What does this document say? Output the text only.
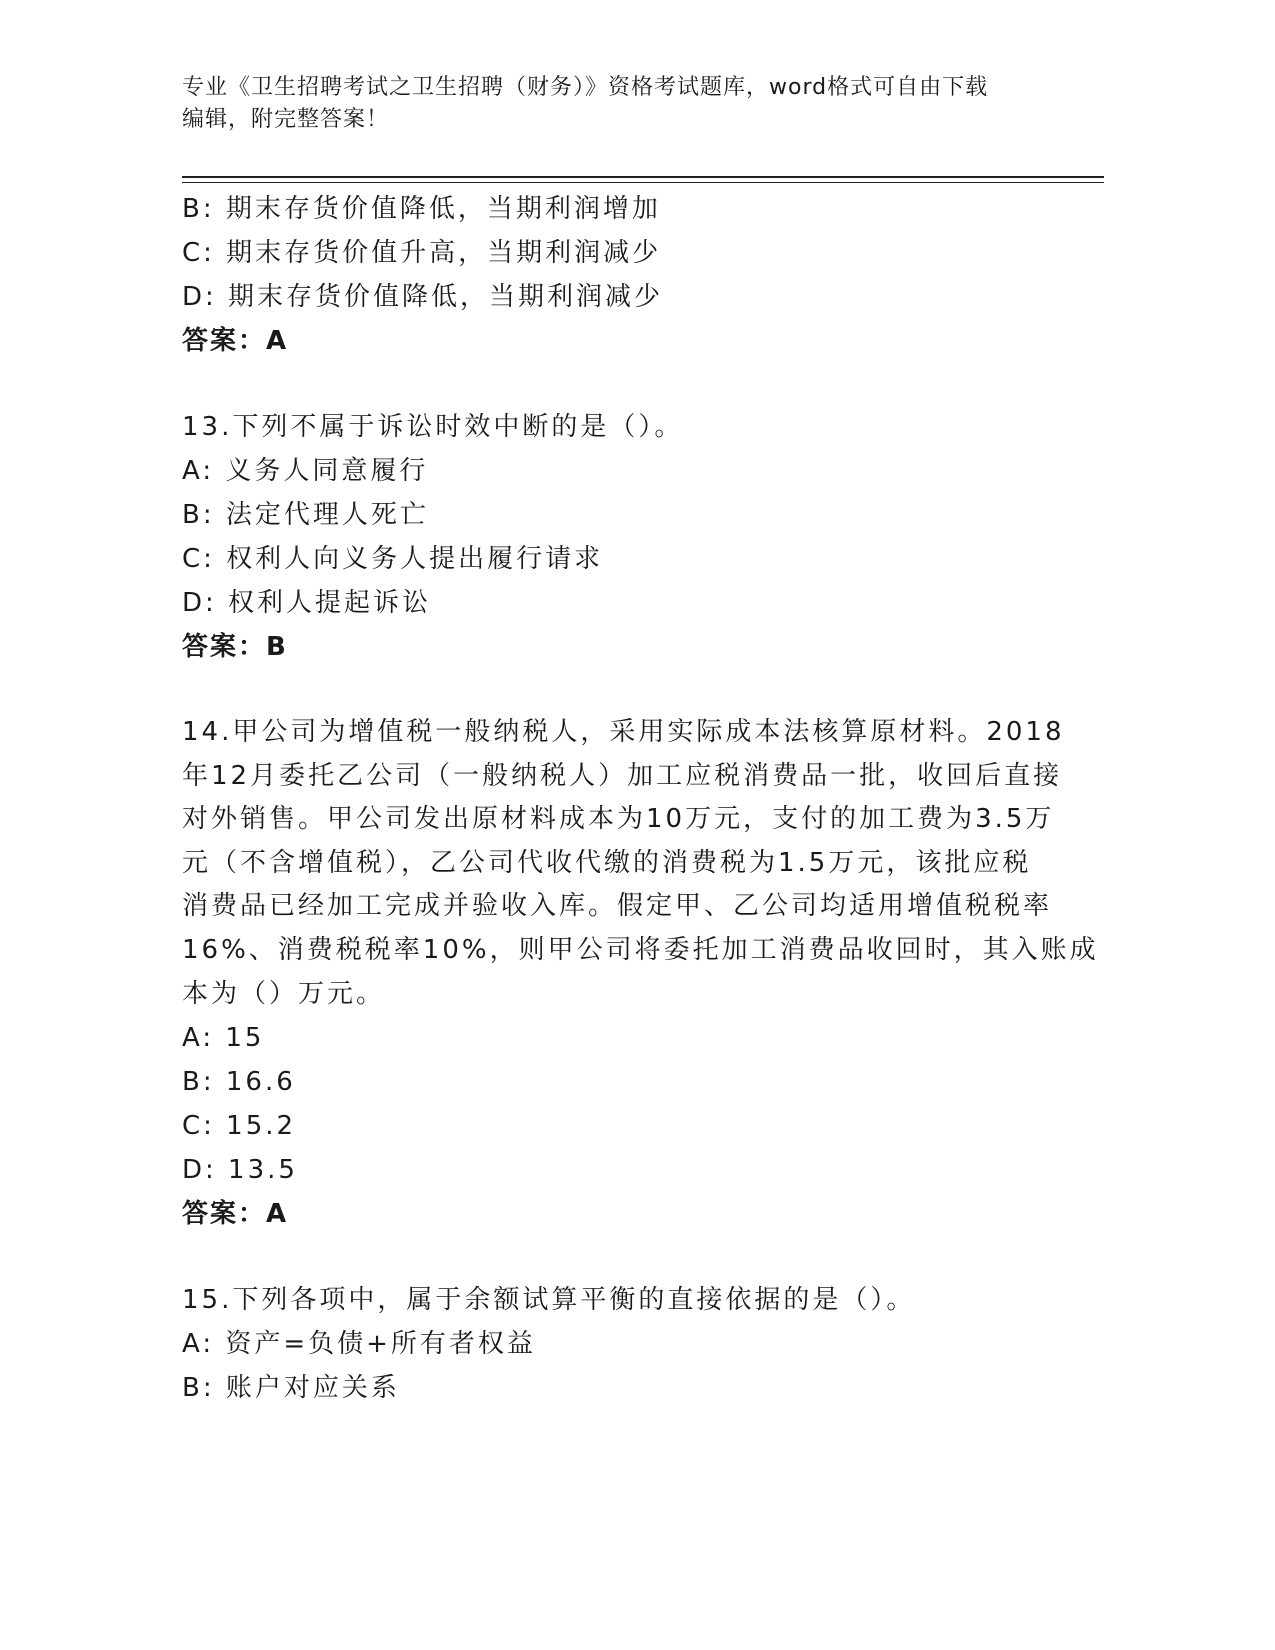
专业《卫生招聘考试之卫生招聘（财务）》资格考试题库，word格式可自由下载
编辑，附完整答案！
B: 期末存货价值降低，当期利润增加
C: 期末存货价值升高，当期利润减少
D: 期末存货价值降低，当期利润减少
答案：A
13.下列不属于诉讼时效中断的是（）。
A: 义务人同意履行
B: 法定代理人死亡
C: 权利人向义务人提出履行请求
D: 权利人提起诉讼
答案：B
14.甲公司为增值税一般纳税人，采用实际成本法核算原材料。2018
年12月委托乙公司（一般纳税人）加工应税消费品一批，收回后直接
对外销售。甲公司发出原材料成本为10万元，支付的加工费为3.5万
元（不含增值税），乙公司代收代缴的消费税为1.5万元，该批应税
消费品已经加工完成并验收入库。假定甲、乙公司均适用增值税税率
16%、消费税税率10%，则甲公司将委托加工消费品收回时，其入账成
本为（）万元。
A: 15
B: 16.6
C: 15.2
D: 13.5
答案：A
15.下列各项中，属于余额试算平衡的直接依据的是（）。
A: 资产=负债+所有者权益
B: 账户对应关系
